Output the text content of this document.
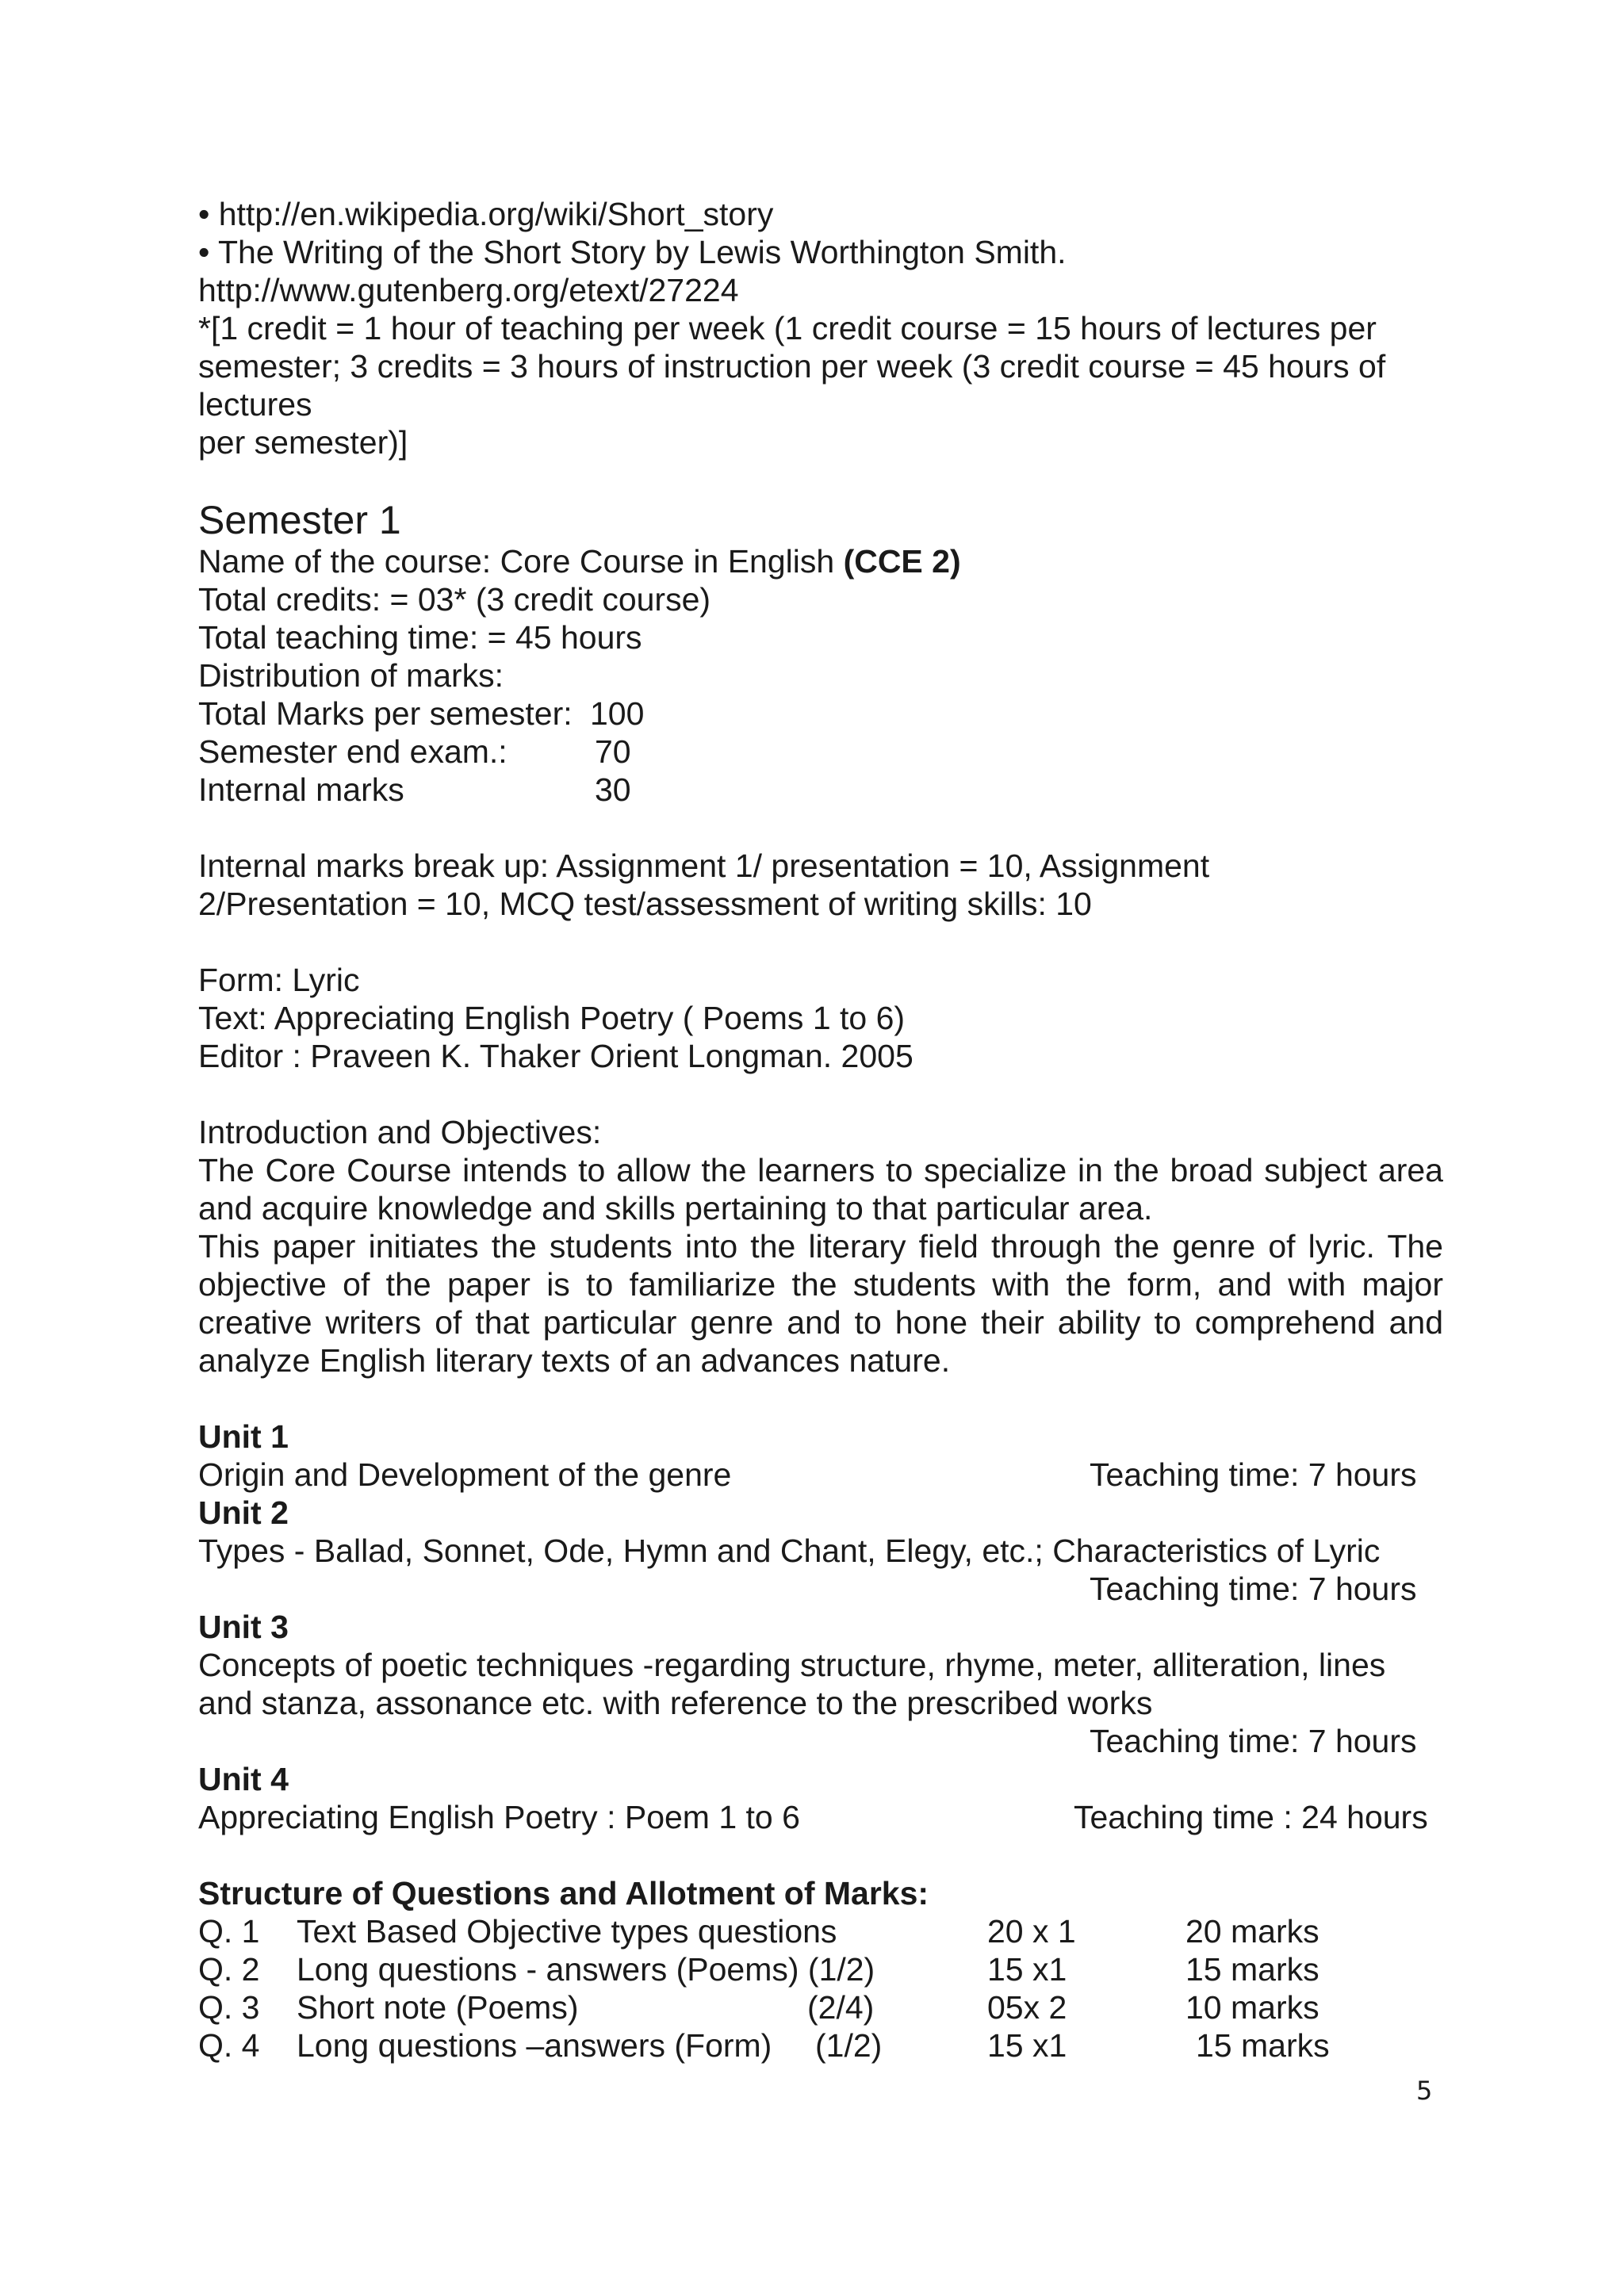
• http://en.wikipedia.org/wiki/Short_story
• The Writing of the Short Story by Lewis Worthington Smith.
http://www.gutenberg.org/etext/27224
*[1 credit = 1 hour of teaching per week (1 credit course = 15 hours of lectures per
semester; 3 credits = 3 hours of instruction per week (3 credit course = 45 hours of
lectures
per semester)]
Semester 1
Name of the course: Core Course in English (CCE 2)
Total credits: = 03* (3 credit course)
Total teaching time: = 45 hours
Distribution of marks:
Total Marks per semester: 100
Semester end exam.:	70
Internal marks	30
Internal marks break up: Assignment 1/ presentation = 10, Assignment
2/Presentation = 10, MCQ test/assessment of writing skills: 10
Form: Lyric
Text: Appreciating English Poetry ( Poems 1 to 6)
Editor : Praveen K. Thaker Orient Longman. 2005
Introduction and Objectives:
The Core Course intends to allow the learners to specialize in the broad subject area and acquire knowledge and skills pertaining to that particular area.
This paper initiates the students into the literary field through the genre of lyric. The objective of the paper is to familiarize the students with the form, and with major creative writers of that particular genre and to hone their ability to comprehend and analyze English literary texts of an advances nature.
Unit 1
Origin and Development of the genre	Teaching time: 7 hours
Unit 2
Types - Ballad, Sonnet, Ode, Hymn and Chant, Elegy, etc.; Characteristics of Lyric
Teaching time: 7 hours
Unit 3
Concepts of poetic techniques -regarding structure, rhyme, meter, alliteration, lines
and stanza, assonance etc. with reference to the prescribed works
Teaching time: 7 hours
Unit 4
Appreciating English Poetry : Poem 1 to 6	Teaching time : 24 hours
Structure of Questions and Allotment of Marks:
Q. 1 Text Based Objective types questions	20 x 1	20 marks
Q. 2 Long questions - answers (Poems) (1/2)	15 x1	15 marks
Q. 3 Short note (Poems)	(2/4)	05x 2	10 marks
Q. 4 Long questions –answers (Form) (1/2)	15 x1	15 marks
5
